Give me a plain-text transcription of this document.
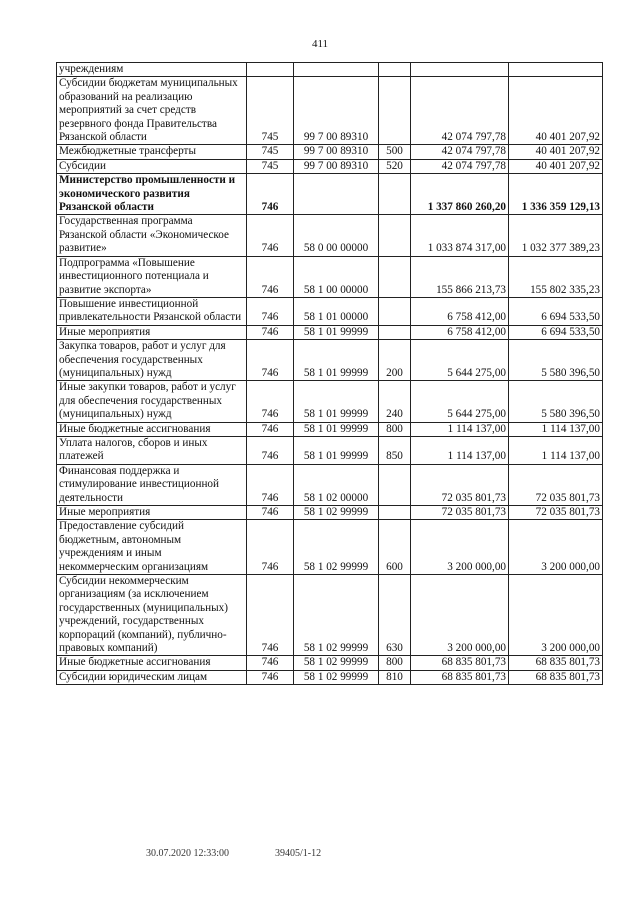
411
учреждениям					
Субсидии бюджетам муниципальных образований на реализацию мероприятий за счет средств резервного фонда Правительства Рязанской области	745	99 7 00 89310		42 074 797,78	40 401 207,92
Межбюджетные трансферты	745	99 7 00 89310	500	42 074 797,78	40 401 207,92
Субсидии	745	99 7 00 89310	520	42 074 797,78	40 401 207,92
Министерство промышленности и экономического развития Рязанской области	746			1 337 860 260,20	1 336 359 129,13
Государственная программа Рязанской области «Экономическое развитие»	746	58 0 00 00000		1 033 874 317,00	1 032 377 389,23
Подпрограмма «Повышение инвестиционного потенциала и развитие экспорта»	746	58 1 00 00000		155 866 213,73	155 802 335,23
Повышение инвестиционной привлекательности Рязанской области	746	58 1 01 00000		6 758 412,00	6 694 533,50
Иные мероприятия	746	58 1 01 99999		6 758 412,00	6 694 533,50
Закупка товаров, работ и услуг для обеспечения государственных (муниципальных) нужд	746	58 1 01 99999	200	5 644 275,00	5 580 396,50
Иные закупки товаров, работ и услуг для обеспечения государственных (муниципальных) нужд	746	58 1 01 99999	240	5 644 275,00	5 580 396,50
Иные бюджетные ассигнования	746	58 1 01 99999	800	1 114 137,00	1 114 137,00
Уплата налогов, сборов и иных платежей	746	58 1 01 99999	850	1 114 137,00	1 114 137,00
Финансовая поддержка и стимулирование инвестиционной деятельности	746	58 1 02 00000		72 035 801,73	72 035 801,73
Иные мероприятия	746	58 1 02 99999		72 035 801,73	72 035 801,73
Предоставление субсидий бюджетным, автономным учреждениям и иным некоммерческим организациям	746	58 1 02 99999	600	3 200 000,00	3 200 000,00
Субсидии некоммерческим организациям (за исключением государственных (муниципальных) учреждений, государственных корпораций (компаний), публично-правовых компаний)	746	58 1 02 99999	630	3 200 000,00	3 200 000,00
Иные бюджетные ассигнования	746	58 1 02 99999	800	68 835 801,73	68 835 801,73
Субсидии юридическим лицам	746	58 1 02 99999	810	68 835 801,73	68 835 801,73
30.07.2020 12:33:00	39405/1-12
